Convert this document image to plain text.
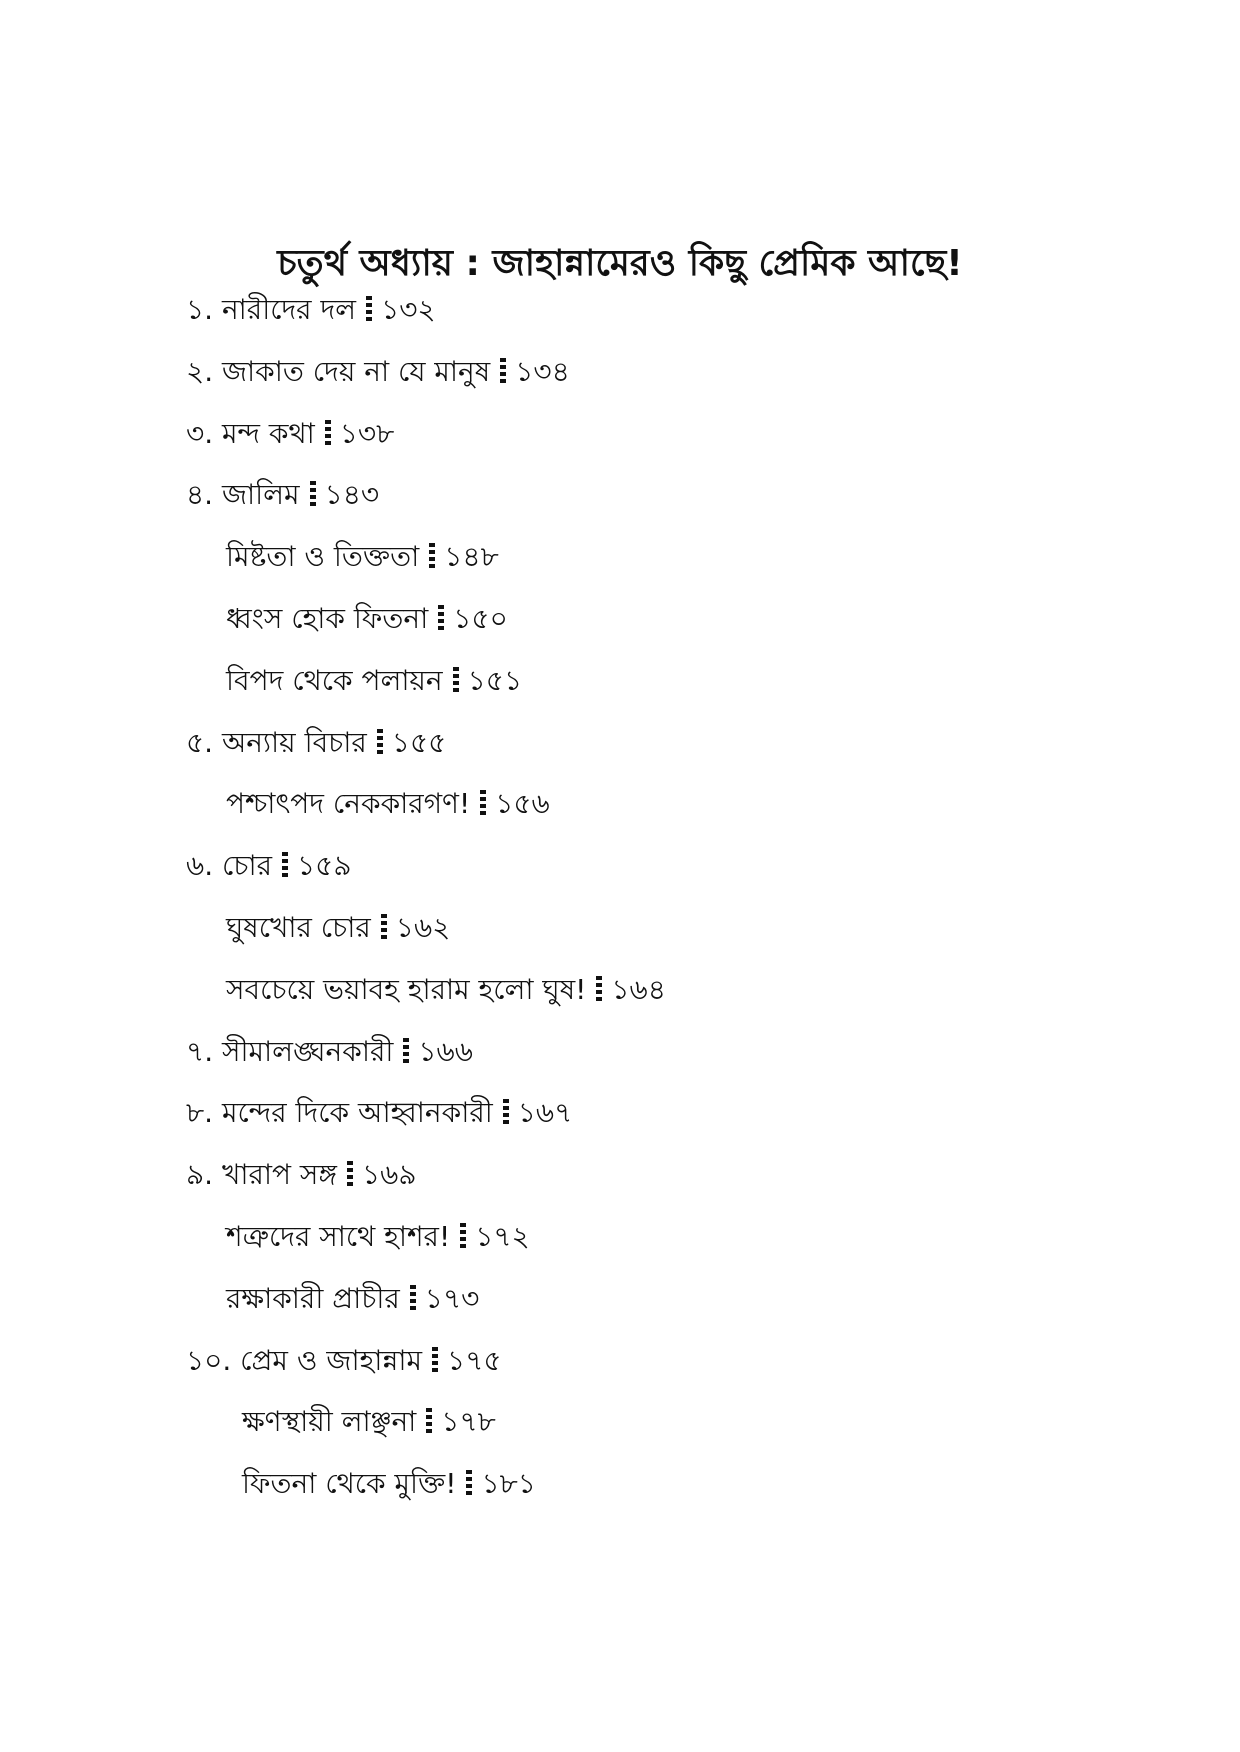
চতুর্থ অধ্যায় : জাহান্নামেরও কিছু প্রেমিক আছে!
১. নারীদের দল ১৩২
২. জাকাত দেয় না যে মানুষ ১৩৪
৩. মন্দ কথা ১৩৮
৪. জালিম ১৪৩
মিষ্টতা ও তিক্ততা ১৪৮
ধ্বংস হোক ফিতনা ১৫০
বিপদ থেকে পলায়ন ১৫১
৫. অন্যায় বিচার ১৫৫
পশ্চাৎপদ নেককারগণ! ১৫৬
৬. চোর ১৫৯
ঘুষখোর চোর ১৬২
সবচেয়ে ভয়াবহ হারাম হলো ঘুষ! ১৬৪
৭. সীমালঙ্ঘনকারী ১৬৬
৮. মন্দের দিকে আহ্বানকারী ১৬৭
৯. খারাপ সঙ্গ ১৬৯
শত্রুদের সাথে হাশর! ১৭২
রক্ষাকারী প্রাচীর ১৭৩
১০. প্রেম ও জাহান্নাম ১৭৫
ক্ষণস্থায়ী লাঞ্ছনা ১৭৮
ফিতনা থেকে মুক্তি! ১৮১
